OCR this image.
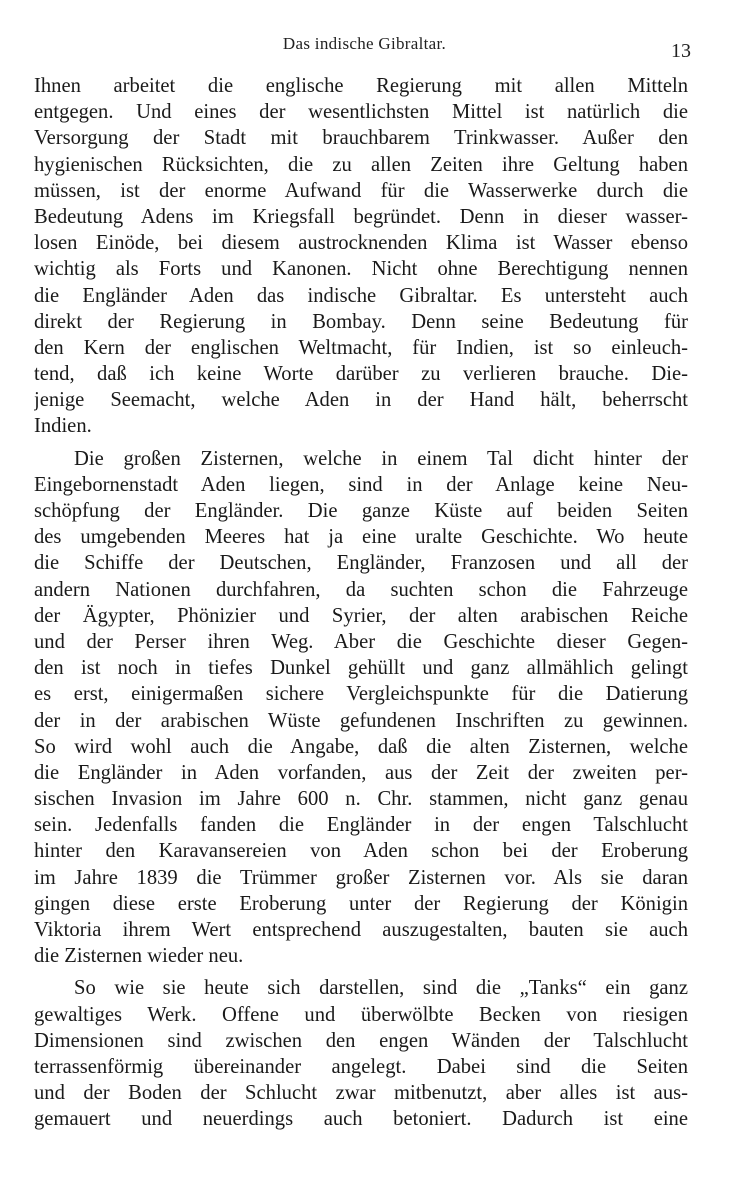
Das indische Gibraltar.	13
Ihnen arbeitet die englische Regierung mit allen Mitteln
entgegen. Und eines der wesentlichsten Mittel ist natürlich die
Versorgung der Stadt mit brauchbarem Trinkwasser. Außer den
hygienischen Rücksichten, die zu allen Zeiten ihre Geltung haben
müssen, ist der enorme Aufwand für die Wasserwerke durch die
Bedeutung Adens im Kriegsfall begründet. Denn in dieser wasser-
losen Einöde, bei diesem austrocknenden Klima ist Wasser ebenso
wichtig als Forts und Kanonen. Nicht ohne Berechtigung nennen
die Engländer Aden das indische Gibraltar. Es untersteht auch
direkt der Regierung in Bombay. Denn seine Bedeutung für
den Kern der englischen Weltmacht, für Indien, ist so einleuch-
tend, daß ich keine Worte darüber zu verlieren brauche. Die-
jenige Seemacht, welche Aden in der Hand hält, beherrscht
Indien.
Die großen Zisternen, welche in einem Tal dicht hinter der
Eingebornenstadt Aden liegen, sind in der Anlage keine Neu-
schöpfung der Engländer. Die ganze Küste auf beiden Seiten
des umgebenden Meeres hat ja eine uralte Geschichte. Wo heute
die Schiffe der Deutschen, Engländer, Franzosen und all der
andern Nationen durchfahren, da suchten schon die Fahrzeuge
der Ägypter, Phönizier und Syrier, der alten arabischen Reiche
und der Perser ihren Weg. Aber die Geschichte dieser Gegen-
den ist noch in tiefes Dunkel gehüllt und ganz allmählich gelingt
es erst, einigermaßen sichere Vergleichspunkte für die Datierung
der in der arabischen Wüste gefundenen Inschriften zu gewinnen.
So wird wohl auch die Angabe, daß die alten Zisternen, welche
die Engländer in Aden vorfanden, aus der Zeit der zweiten per-
sischen Invasion im Jahre 600 n. Chr. stammen, nicht ganz genau
sein. Jedenfalls fanden die Engländer in der engen Talschlucht
hinter den Karavansereien von Aden schon bei der Eroberung
im Jahre 1839 die Trümmer großer Zisternen vor. Als sie daran
gingen diese erste Eroberung unter der Regierung der Königin
Viktoria ihrem Wert entsprechend auszugestalten, bauten sie auch
die Zisternen wieder neu.
So wie sie heute sich darstellen, sind die „Tanks“ ein ganz
gewaltiges Werk. Offene und überwölbte Becken von riesigen
Dimensionen sind zwischen den engen Wänden der Talschlucht
terrassenförmig übereinander angelegt. Dabei sind die Seiten
und der Boden der Schlucht zwar mitbenutzt, aber alles ist aus-
gemauert und neuerdings auch betoniert. Dadurch ist eine
